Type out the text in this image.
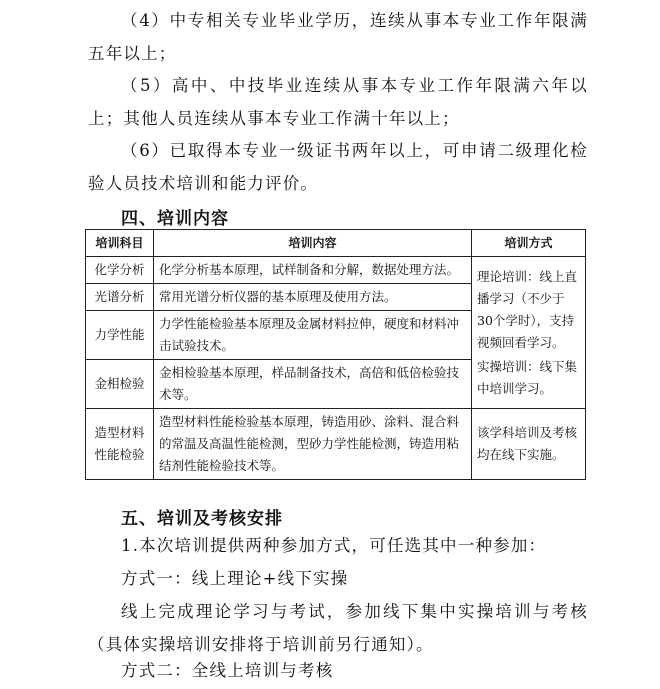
（4）中专相关专业毕业学历，连续从事本专业工作年限满五年以上；

（5）高中、中技毕业连续从事本专业工作年限满六年以上；其他人员连续从事本专业工作满十年以上；

（6）已取得本专业一级证书两年以上，可申请二级理化检验人员技术培训和能力评价。

四、培训内容
培训科目	培训内容	培训方式
化学分析	化学分析基本原理，试样制备和分解，数据处理方法。	理论培训：线上直播学习（不少于30个学时），支持视频回看学习。

实操培训：线下集中培训学习。

光谱分析	常用光谱分析仪器的基本原理及使用方法。	
力学性能	力学性能检验基本原理及金属材料拉伸，硬度和材料冲击试验技术。	
金相检验	金相检验基本原理，样品制备技术，高倍和低倍检验技术等。	
造型材料性能检验	造型材料性能检验基本原理，铸造用砂、涂料、混合料的常温及高温性能检测，型砂力学性能检测，铸造用粘结剂性能检验技术等。	该学科培训及考核均在线下实施。
五、培训及考核安排

1.本次培训提供两种参加方式，可任选其中一种参加：

方式一：线上理论+线下实操

线上完成理论学习与考试，参加线下集中实操培训与考核（具体实操培训安排将于培训前另行通知）。

方式二：全线上培训与考核
